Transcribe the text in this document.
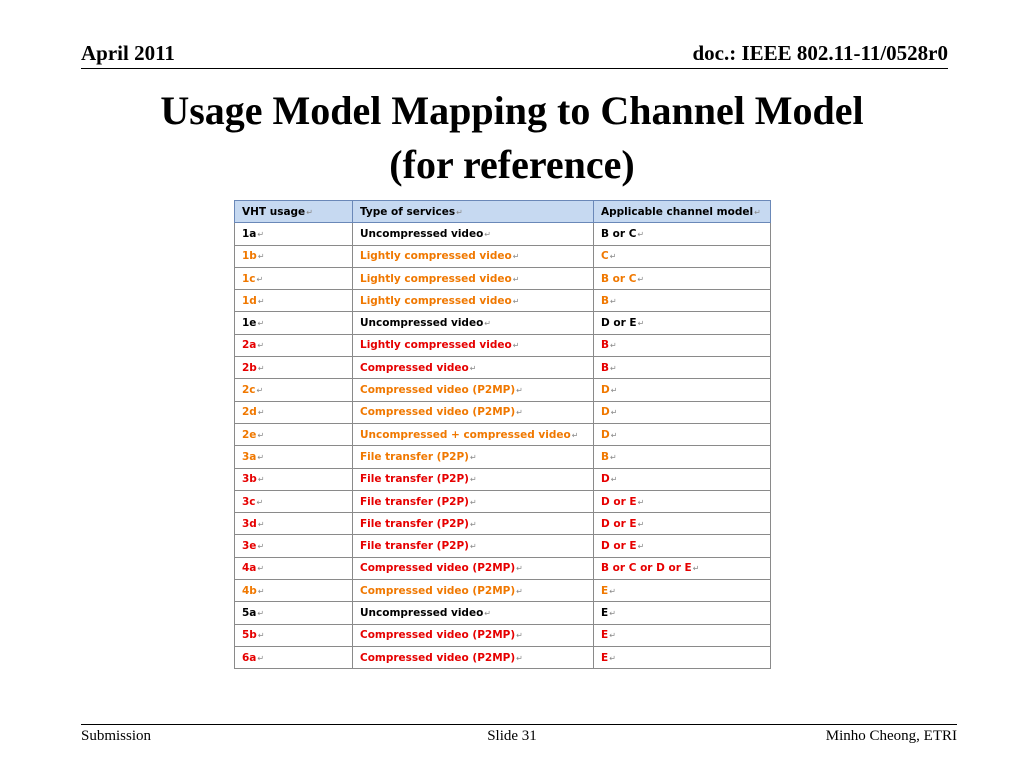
April 2011	doc.: IEEE 802.11-11/0528r0
Usage Model Mapping to Channel Model
(for reference)
VHT usage↵	Type of services↵	Applicable channel model↵
1a↵	Uncompressed video↵	B or C↵
1b↵	Lightly compressed video↵	C↵
1c↵	Lightly compressed video↵	B or C↵
1d↵	Lightly compressed video↵	B↵
1e↵	Uncompressed video↵	D or E↵
2a↵	Lightly compressed video↵	B↵
2b↵	Compressed video↵	B↵
2c↵	Compressed video (P2MP)↵	D↵
2d↵	Compressed video (P2MP)↵	D↵
2e↵	Uncompressed + compressed video↵	D↵
3a↵	File transfer (P2P)↵	B↵
3b↵	File transfer (P2P)↵	D↵
3c↵	File transfer (P2P)↵	D or E↵
3d↵	File transfer (P2P)↵	D or E↵
3e↵	File transfer (P2P)↵	D or E↵
4a↵	Compressed video (P2MP)↵	B or C or D or E↵
4b↵	Compressed video (P2MP)↵	E↵
5a↵	Uncompressed video↵	E↵
5b↵	Compressed video (P2MP)↵	E↵
6a↵	Compressed video (P2MP)↵	E↵
Submission	Slide 31	Minho Cheong, ETRI
